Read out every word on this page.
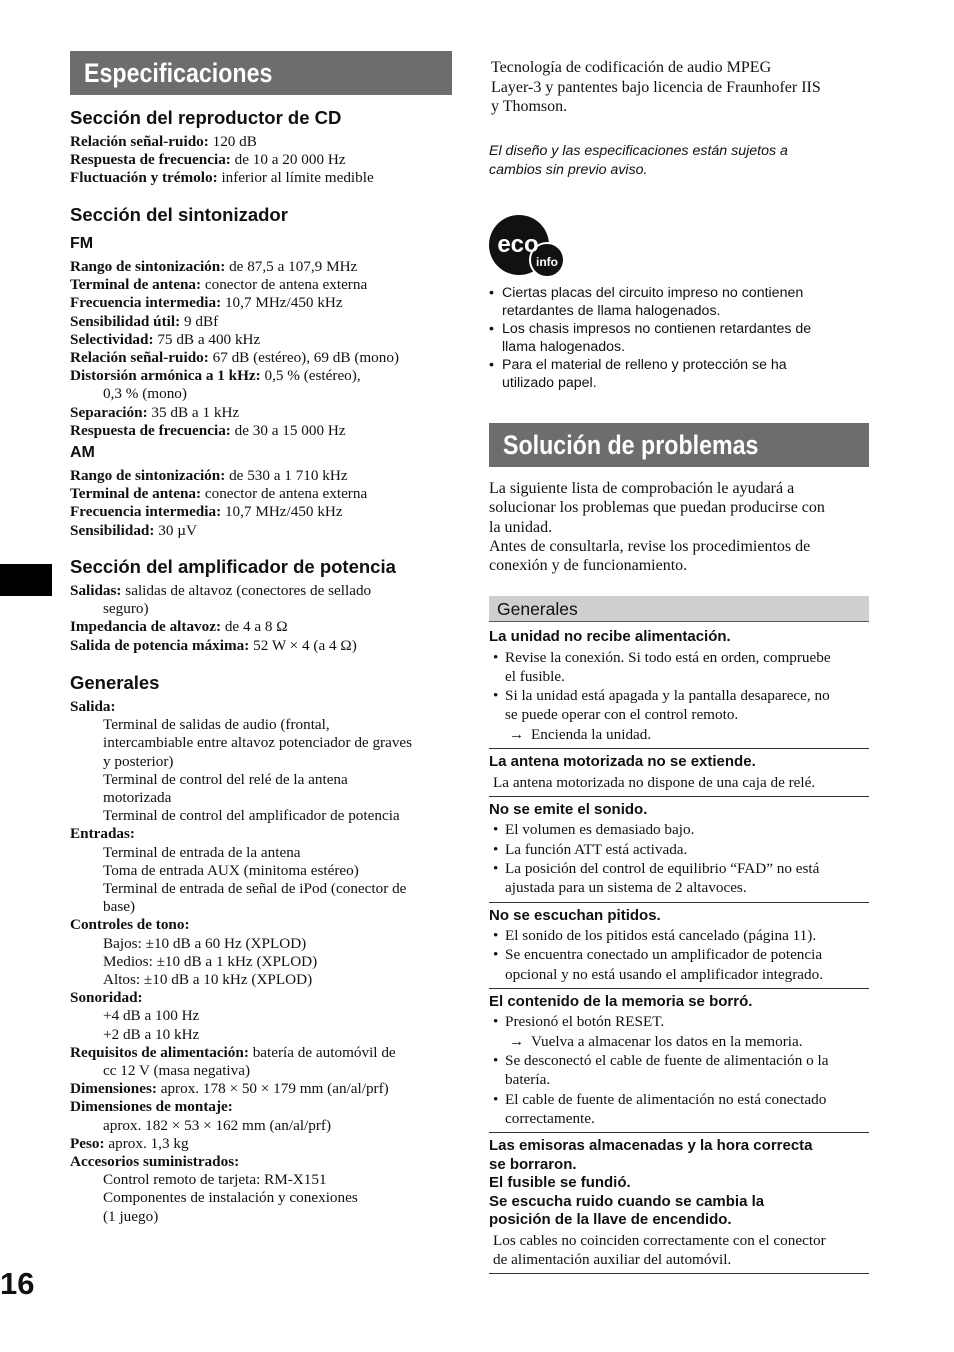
Especificaciones
Sección del reproductor de CD
Relación señal-ruido: 120 dB
Respuesta de frecuencia: de 10 a 20 000 Hz
Fluctuación y trémolo: inferior al límite medible
Sección del sintonizador
FM
Rango de sintonización: de 87,5 a 107,9 MHz
Terminal de antena: conector de antena externa
Frecuencia intermedia: 10,7 MHz/450 kHz
Sensibilidad útil: 9 dBf
Selectividad: 75 dB a 400 kHz
Relación señal-ruido: 67 dB (estéreo), 69 dB (mono)
Distorsión armónica a 1 kHz: 0,5 % (estéreo),
0,3 % (mono)
Separación: 35 dB a 1 kHz
Respuesta de frecuencia: de 30 a 15 000 Hz
AM
Rango de sintonización: de 530 a 1 710 kHz
Terminal de antena: conector de antena externa
Frecuencia intermedia: 10,7 MHz/450 kHz
Sensibilidad: 30 µV
Sección del amplificador de potencia
Salidas: salidas de altavoz (conectores de sellado
seguro)
Impedancia de altavoz: de 4 a 8 Ω
Salida de potencia máxima: 52 W × 4 (a 4 Ω)
Generales
Salida:
Terminal de salidas de audio (frontal,
intercambiable entre altavoz potenciador de graves
y posterior)
Terminal de control del relé de la antena
motorizada
Terminal de control del amplificador de potencia
Entradas:
Terminal de entrada de la antena
Toma de entrada AUX (minitoma estéreo)
Terminal de entrada de señal de iPod (conector de
base)
Controles de tono:
Bajos: ±10 dB a 60 Hz (XPLOD)
Medios: ±10 dB a 1 kHz (XPLOD)
Altos: ±10 dB a 10 kHz (XPLOD)
Sonoridad:
+4 dB a 100 Hz
+2 dB a 10 kHz
Requisitos de alimentación: batería de automóvil de
cc 12 V (masa negativa)
Dimensiones: aprox. 178 × 50 × 179 mm (an/al/prf)
Dimensiones de montaje:
aprox. 182 × 53 × 162 mm (an/al/prf)
Peso: aprox. 1,3 kg
Accesorios suministrados:
Control remoto de tarjeta: RM-X151
Componentes de instalación y conexiones
(1 juego)
16
Tecnología de codificación de audio MPEG
Layer-3 y pantentes bajo licencia de Fraunhofer IIS
y Thomson.
El diseño y las especificaciones están sujetos a
cambios sin previo aviso.
eco
info
• Ciertas placas del circuito impreso no contienen
retardantes de llama halogenados.
• Los chasis impresos no contienen retardantes de
llama halogenados.
• Para el material de relleno y protección se ha
utilizado papel.
Solución de problemas
La siguiente lista de comprobación le ayudará a
solucionar los problemas que puedan producirse con
la unidad.
Antes de consultarla, revise los procedimientos de
conexión y de funcionamiento.
Generales
La unidad no recibe alimentación.
• Revise la conexión. Si todo está en orden, compruebe
el fusible.
• Si la unidad está apagada y la pantalla desaparece, no
se puede operar con el control remoto.
→ Encienda la unidad.
La antena motorizada no se extiende.
La antena motorizada no dispone de una caja de relé.
No se emite el sonido.
• El volumen es demasiado bajo.
• La función ATT está activada.
• La posición del control de equilibrio “FAD” no está
ajustada para un sistema de 2 altavoces.
No se escuchan pitidos.
• El sonido de los pitidos está cancelado (página 11).
• Se encuentra conectado un amplificador de potencia
opcional y no está usando el amplificador integrado.
El contenido de la memoria se borró.
• Presionó el botón RESET.
→ Vuelva a almacenar los datos en la memoria.
• Se desconectó el cable de fuente de alimentación o la
batería.
• El cable de fuente de alimentación no está conectado
correctamente.
Las emisoras almacenadas y la hora correcta
se borraron.
El fusible se fundió.
Se escucha ruido cuando se cambia la
posición de la llave de encendido.
Los cables no coinciden correctamente con el conector
de alimentación auxiliar del automóvil.
